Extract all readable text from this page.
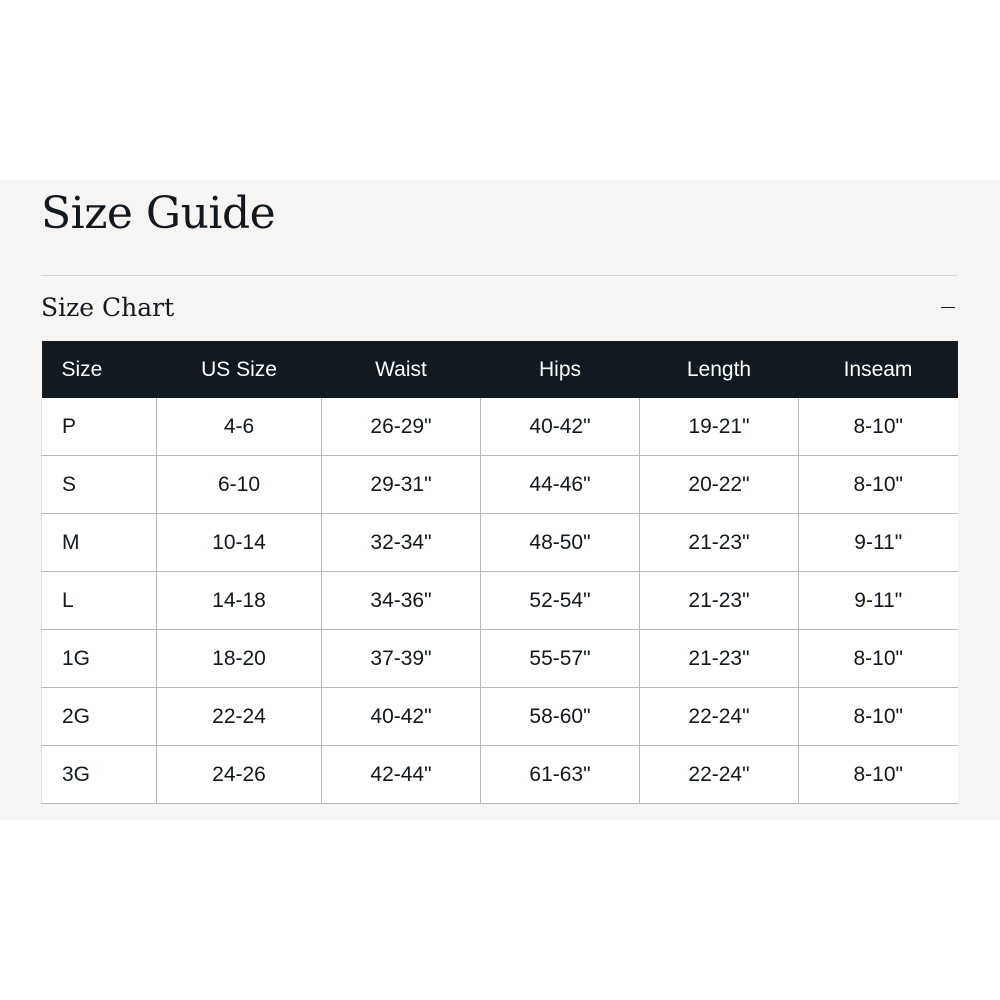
Size Guide
Size Chart
Size	US Size	Waist	Hips	Length	Inseam
P	4-6	26-29"	40-42"	19-21"	8-10"
S	6-10	29-31"	44-46"	20-22"	8-10"
M	10-14	32-34"	48-50"	21-23"	9-11"
L	14-18	34-36"	52-54"	21-23"	9-11"
1G	18-20	37-39"	55-57"	21-23"	8-10"
2G	22-24	40-42"	58-60"	22-24"	8-10"
3G	24-26	42-44"	61-63"	22-24"	8-10"
